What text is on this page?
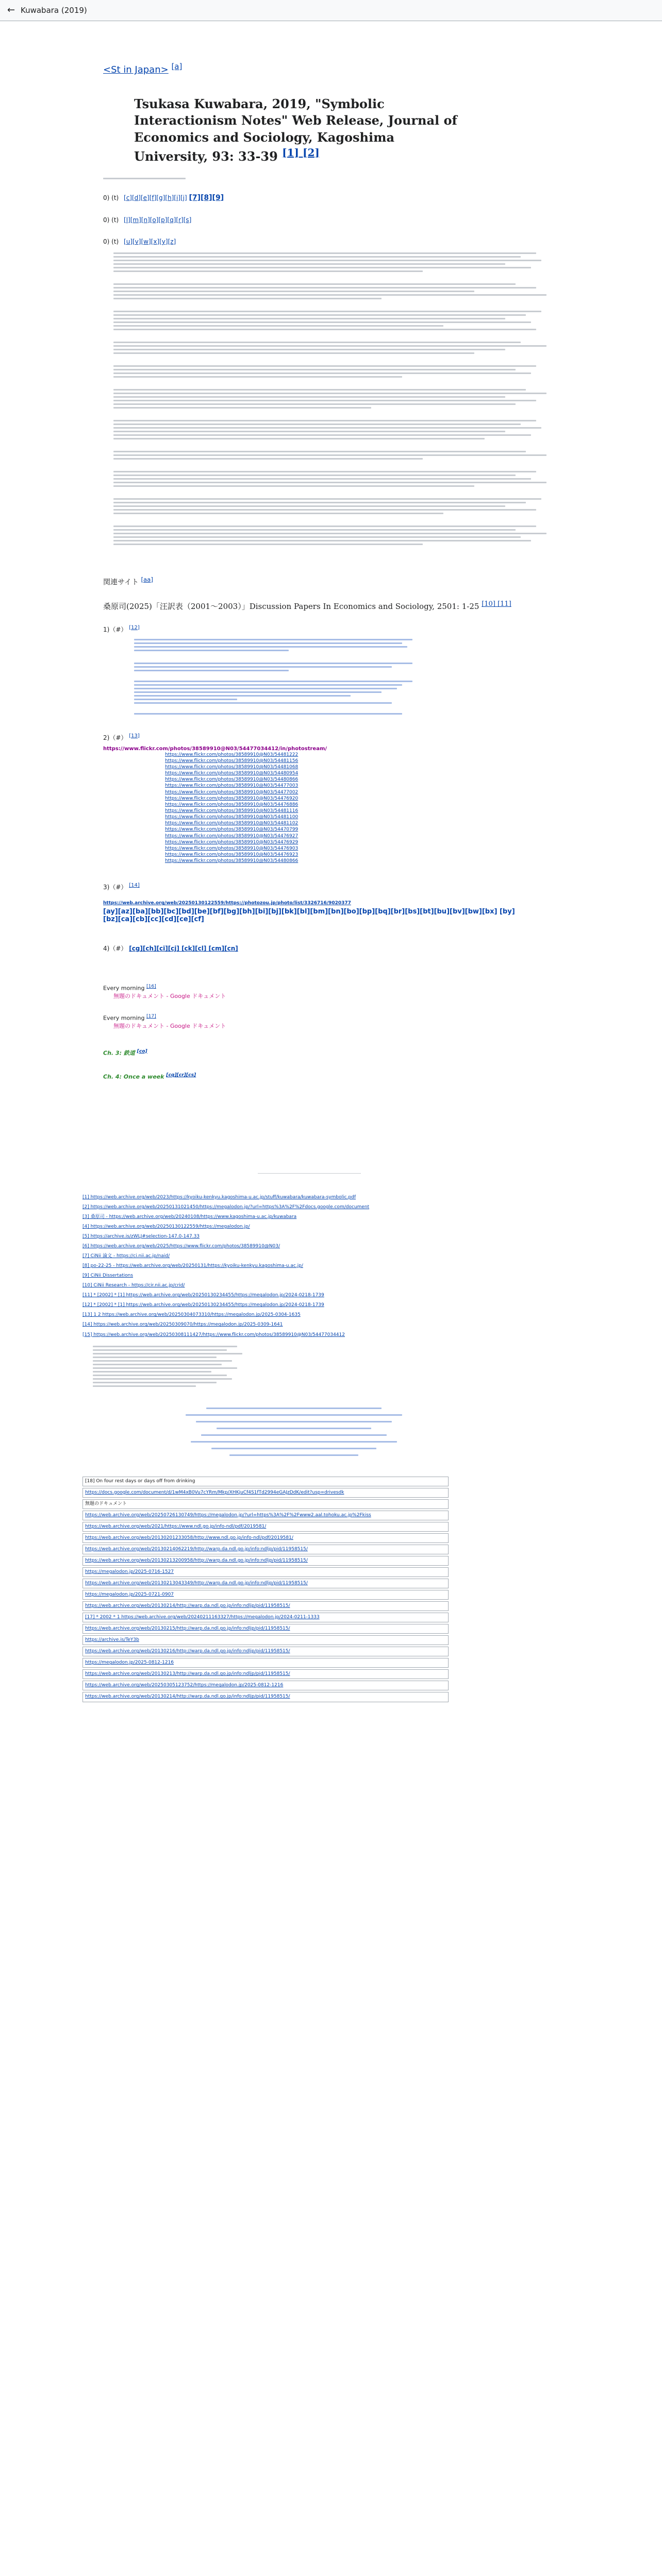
← Kuwabara (2019)
<St in Japan> [a]
Tsukasa Kuwabara, 2019, "Symbolic Interactionism Notes" Web Release, Journal of Economics and Sociology, Kagoshima University, 93: 33-39 [1] [2]
0) (t) [c][d][e][f][g][h][i][j] [7][8][9]
0) (t) [l][m][n][o][p][q][r][s]
0) (t) [u][v][w][x][y][z]
関連サイト [aa]
桑原司(2025)「汪訳表（2001〜2003）」Discussion Papers In Economics and Sociology, 2501: 1-25 [10] [11]
1)（#） [12]
2)（#） [13]
https://www.flickr.com/photos/38589910@N03/54477034412/in/photostream/
https://www.flickr.com/photos/38589910@N03/54481222
https://www.flickr.com/photos/38589910@N03/54481156
https://www.flickr.com/photos/38589910@N03/54481068
https://www.flickr.com/photos/38589910@N03/54480954
https://www.flickr.com/photos/38589910@N03/54480866
https://www.flickr.com/photos/38589910@N03/54477003
https://www.flickr.com/photos/38589910@N03/54477002
https://www.flickr.com/photos/38589910@N03/54476920
https://www.flickr.com/photos/38589910@N03/54476886
https://www.flickr.com/photos/38589910@N03/54481116
https://www.flickr.com/photos/38589910@N03/54481100
https://www.flickr.com/photos/38589910@N03/54481102
https://www.flickr.com/photos/38589910@N03/54470799
https://www.flickr.com/photos/38589910@N03/54476927
https://www.flickr.com/photos/38589910@N03/54476929
https://www.flickr.com/photos/38589910@N03/54476903
https://www.flickr.com/photos/38589910@N03/54476923
https://www.flickr.com/photos/38589910@N03/54480866
3)（#） [14]
https://web.archive.org/web/20250130122559/https://photozou.jp/photo/list/3326716/9020377
[ay][az][ba][bb][bc][bd][be][bf][bg][bh][bi][bj][bk][bl][bm][bn][bo][bp][bq][br][bs][bt][bu][bv][bw][bx] [by][bz][ca][cb][cc][cd][ce][cf]
4)（#） [cg][ch][ci][cj] [ck][cl] [cm][cn]
Every morning [16]
無題のドキュメント - Google ドキュメント
Every morning [17]
無題のドキュメント - Google ドキュメント
Ch. 3: 鉄道 [co]
Ch. 4: Once a week [cq][cr][cs]
[1] https://web.archive.org/web/2023/https://kyoiku-kenkyu.kagoshima-u.ac.jp/stuff/kuwabara/kuwabara-symbolic.pdf
[2] https://web.archive.org/web/20250131021450/https://megalodon.jp/?url=https%3A%2F%2Fdocs.google.com/document
[3] 桑原司 - https://web.archive.org/web/20240108/https://www.kagoshima-u.ac.jp/kuwabara
[4] https://web.archive.org/web/20250130122559/https://megalodon.jp/
[5] https://archive.is/zWLJ#selection-147.0-147.33
[6] https://web.archive.org/web/2025/https://www.flickr.com/photos/38589910@N03/
[7] CiNii 論文 - https://ci.nii.ac.jp/naid/
[8] po-22-25 - https://web.archive.org/web/20250131/https://kyoiku-kenkyu.kagoshima-u.ac.jp/
[9] CiNii Dissertations
[10] CiNii Research - https://cir.nii.ac.jp/crid/
[11] * [2002] * [1] https://web.archive.org/web/20250130234455/https://megalodon.jp/2024-0218-1739
[12] * [2002] * [1] https://web.archive.org/web/20250130234455/https://megalodon.jp/2024-0218-1739
[13] 1 2 https://web.archive.org/web/20250304073310/https://megalodon.jp/2025-0304-1635
[14] https://web.archive.org/web/20250309070/https://megalodon.jp/2025-0309-1641
[15] https://web.archive.org/web/20250308111427/https://www.flickr.com/photos/38589910@N03/54477034412
[18] On four rest days or days off from drinking
https://docs.google.com/document/d/1wM4xB0Vu7cYRm/Mkp/XHKjuCf4S1fTd2994eGAJzDdK/edit?usp=drivesdk
無題のドキュメント
https://web.archive.org/web/20250726130749/https://megalodon.jp/?url=https%3A%2F%2Fwww2.aal.tohoku.ac.jp%2Fkiss
https://web.archive.org/web/2021/https://www.ndl.go.jp/info-ndl/pdf/2019581/
https://web.archive.org/web/20130201233058/http://www.ndl.go.jp/info-ndl/pdf/2019581/
https://web.archive.org/web/20130214062219/http://warp.da.ndl.go.jp/info:ndljp/pid/11958515/
https://web.archive.org/web/20130213200958/http://warp.da.ndl.go.jp/info:ndljp/pid/11958515/
https://megalodon.jp/2025-0716-1527
https://web.archive.org/web/20130213043349/http://warp.da.ndl.go.jp/info:ndljp/pid/11958515/
https://megalodon.jp/2025-0721-0907
https://web.archive.org/web/20130214/http://warp.da.ndl.go.jp/info:ndljp/pid/11958515/
[17] * 2002 * 1 https://web.archive.org/web/20240211163327/https://megalodon.jp/2024-0211-1333
https://web.archive.org/web/20130215/http://warp.da.ndl.go.jp/info:ndljp/pid/11958515/
https://archive.is/TeY3b
https://web.archive.org/web/20130216/http://warp.da.ndl.go.jp/info:ndljp/pid/11958515/
https://megalodon.jp/2025-0812-1216
https://web.archive.org/web/20130213/http://warp.da.ndl.go.jp/info:ndljp/pid/11958515/
https://web.archive.org/web/20250305123752/https://megalodon.jp/2025-0812-1216
https://web.archive.org/web/20130214/http://warp.da.ndl.go.jp/info:ndljp/pid/11958515/
